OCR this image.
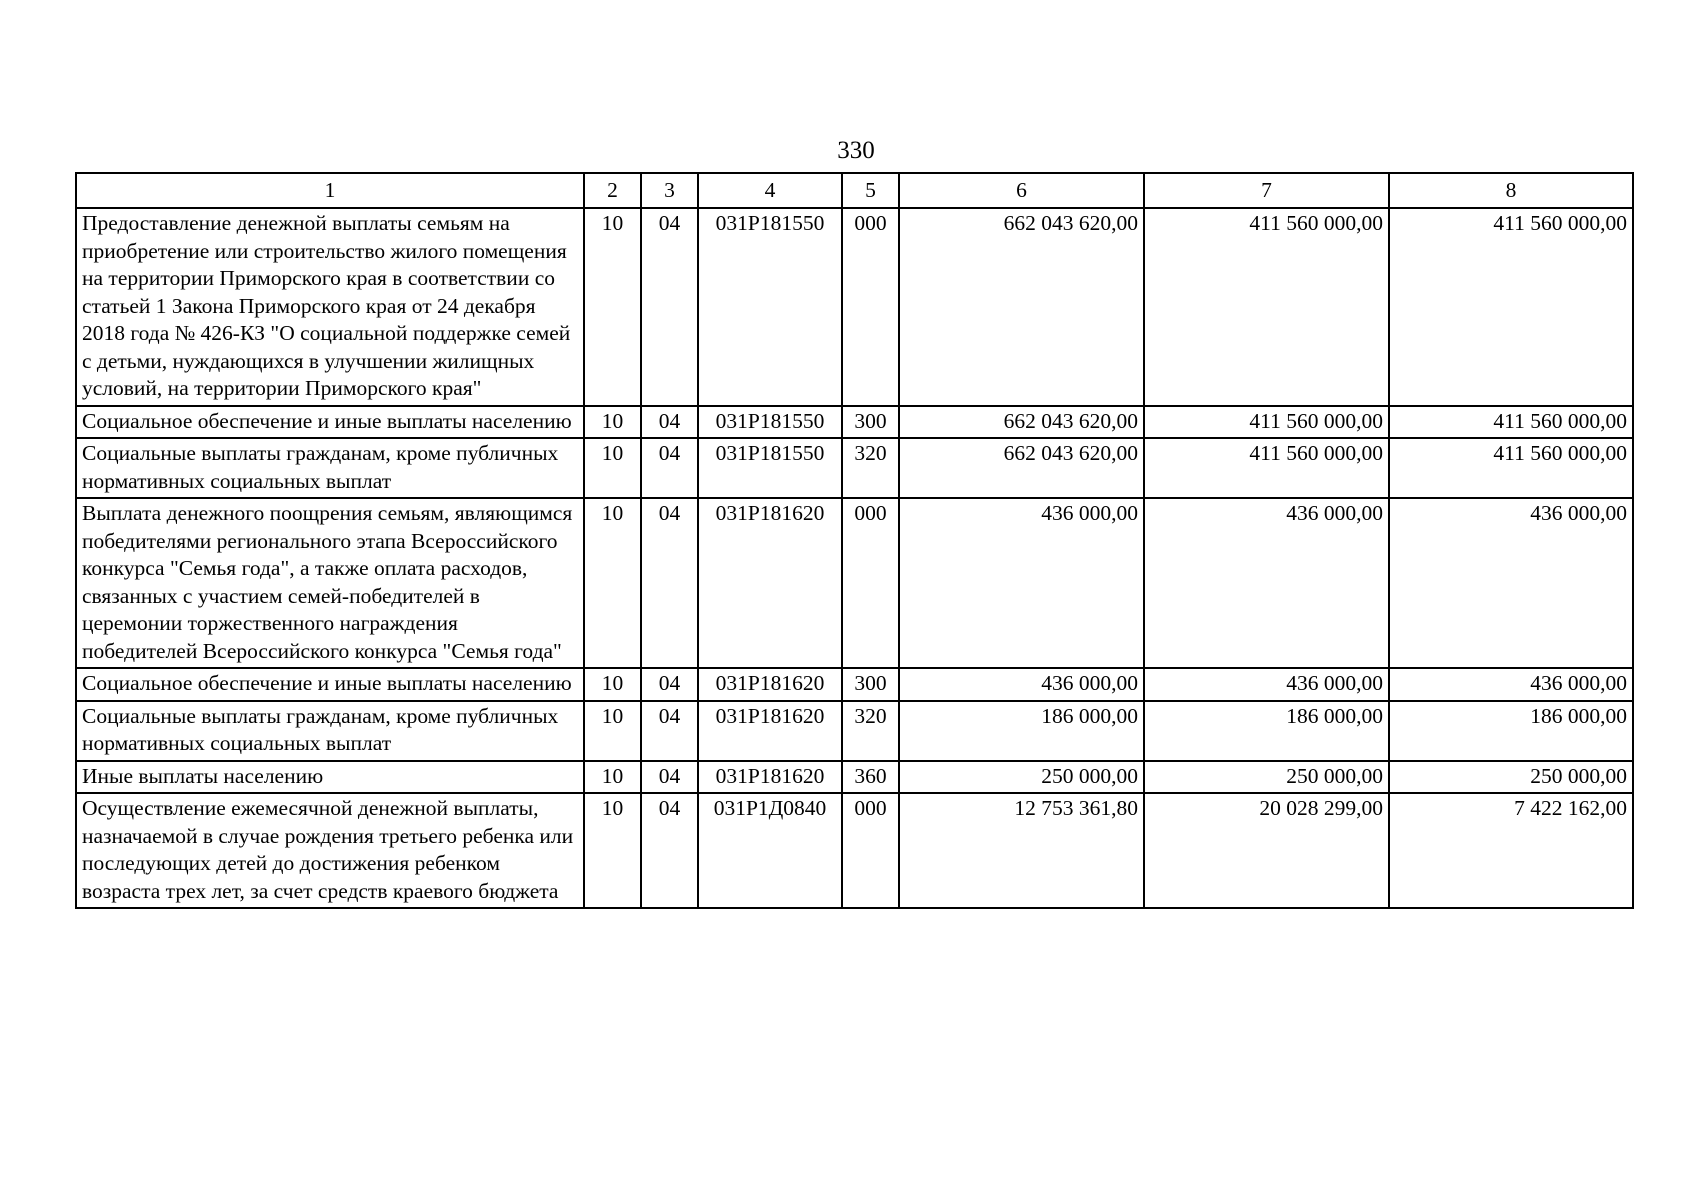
330
1	2	3	4	5	6	7	8
Предоставление денежной выплаты семьям на приобретение или строительство жилого помещения на территории Приморского края в соответствии со статьей 1 Закона Приморского края от 24 декабря 2018 года № 426-КЗ "О социальной поддержке семей с детьми, нуждающихся в улучшении жилищных условий, на территории Приморского края"	10	04	031P181550	000	662 043 620,00	411 560 000,00	411 560 000,00
Социальное обеспечение и иные выплаты населению	10	04	031P181550	300	662 043 620,00	411 560 000,00	411 560 000,00
Социальные выплаты гражданам, кроме публичных нормативных социальных выплат	10	04	031P181550	320	662 043 620,00	411 560 000,00	411 560 000,00
Выплата денежного поощрения семьям, являющимся победителями регионального этапа Всероссийского конкурса "Семья года", а также оплата расходов, связанных с участием семей-победителей в церемонии торжественного награждения победителей Всероссийского конкурса "Семья года"	10	04	031P181620	000	436 000,00	436 000,00	436 000,00
Социальное обеспечение и иные выплаты населению	10	04	031P181620	300	436 000,00	436 000,00	436 000,00
Социальные выплаты гражданам, кроме публичных нормативных социальных выплат	10	04	031P181620	320	186 000,00	186 000,00	186 000,00
Иные выплаты населению	10	04	031P181620	360	250 000,00	250 000,00	250 000,00
Осуществление ежемесячной денежной выплаты, назначаемой в случае рождения третьего ребенка или последующих детей до достижения ребенком возраста трех лет, за счет средств краевого бюджета	10	04	031P1Д0840	000	12 753 361,80	20 028 299,00	7 422 162,00
